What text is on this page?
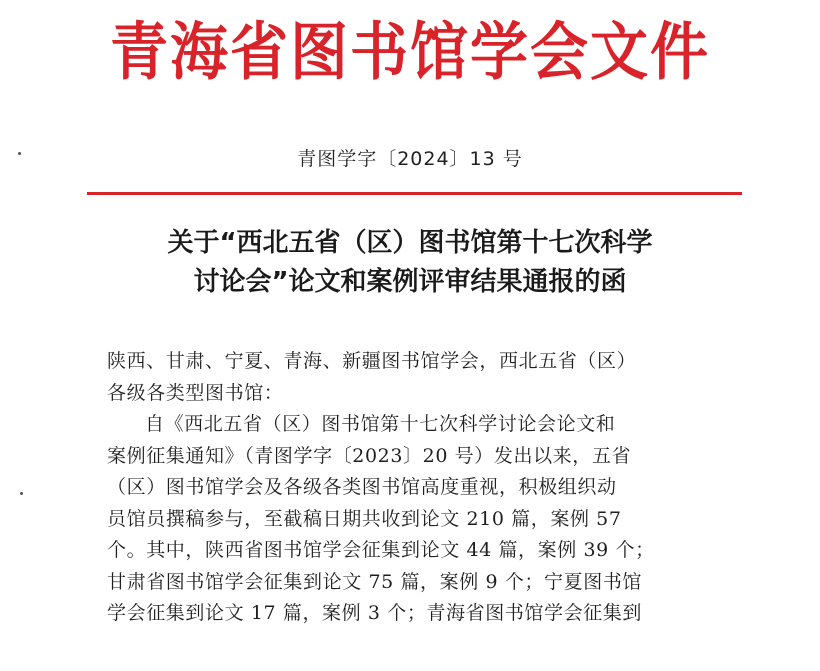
青海省图书馆学会文件
青图学字〔2024〕13 号
关于“西北五省（区）图书馆第十七次科学
讨论会”论文和案例评审结果通报的函
陕西、甘肃、宁夏、青海、新疆图书馆学会，西北五省（区）
各级各类型图书馆：
自《西北五省（区）图书馆第十七次科学讨论会论文和
案例征集通知》（青图学字〔2023〕20 号）发出以来，五省
（区）图书馆学会及各级各类图书馆高度重视，积极组织动
员馆员撰稿参与，至截稿日期共收到论文 210 篇，案例 57
个。其中，陕西省图书馆学会征集到论文 44 篇，案例 39 个；
甘肃省图书馆学会征集到论文 75 篇，案例 9 个；宁夏图书馆
学会征集到论文 17 篇，案例 3 个；青海省图书馆学会征集到
